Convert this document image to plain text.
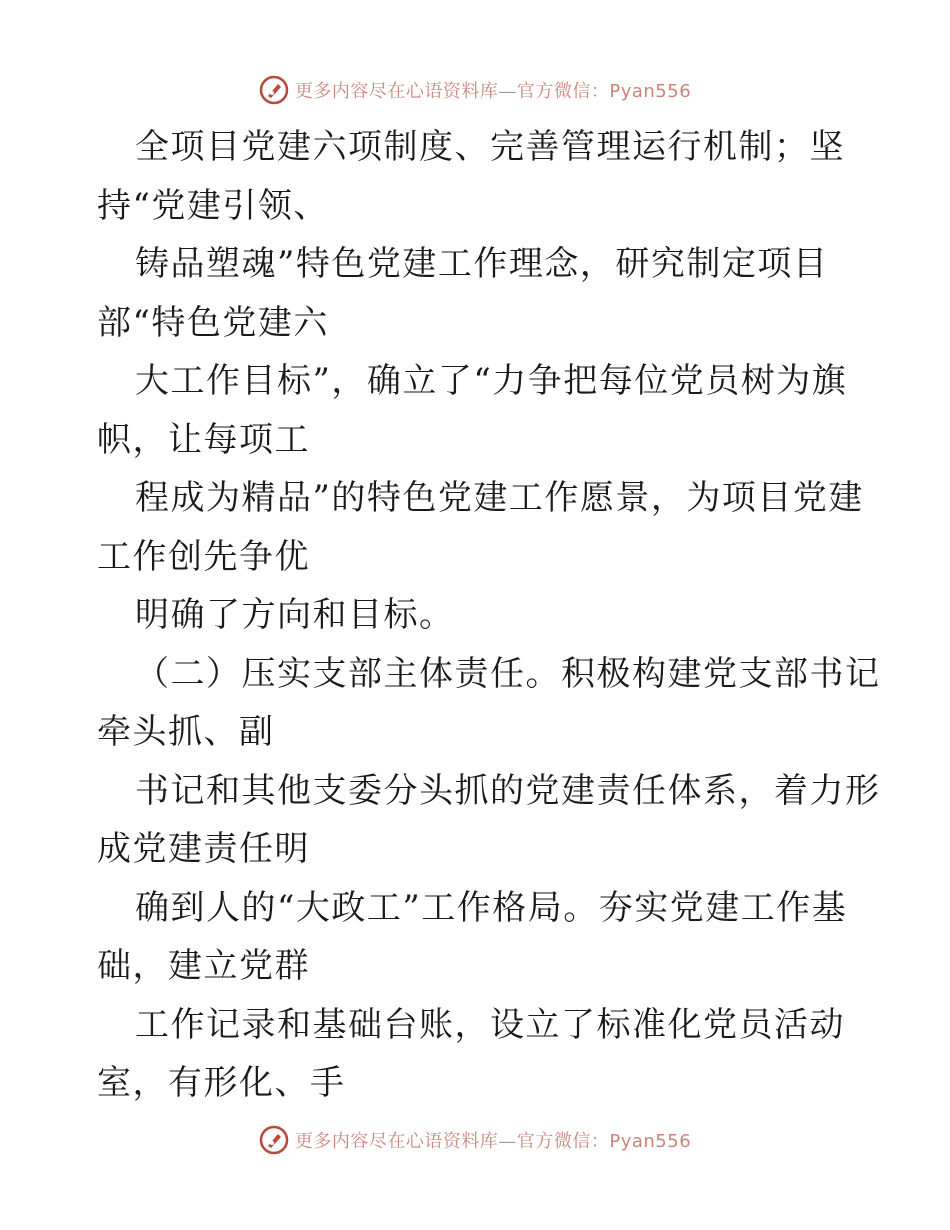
更多内容尽在心语资料库—官方微信：Pyan556
全项目党建六项制度、完善管理运行机制；坚
持“党建引领、
铸品塑魂”特色党建工作理念，研究制定项目
部“特色党建六
大工作目标”，确立了“力争把每位党员树为旗
帜，让每项工
程成为精品”的特色党建工作愿景，为项目党建
工作创先争优
明确了方向和目标。
（二）压实支部主体责任。积极构建党支部书记
牵头抓、副
书记和其他支委分头抓的党建责任体系，着力形
成党建责任明
确到人的“大政工”工作格局。夯实党建工作基
础，建立党群
工作记录和基础台账，设立了标准化党员活动
室，有形化、手
更多内容尽在心语资料库—官方微信：Pyan556
